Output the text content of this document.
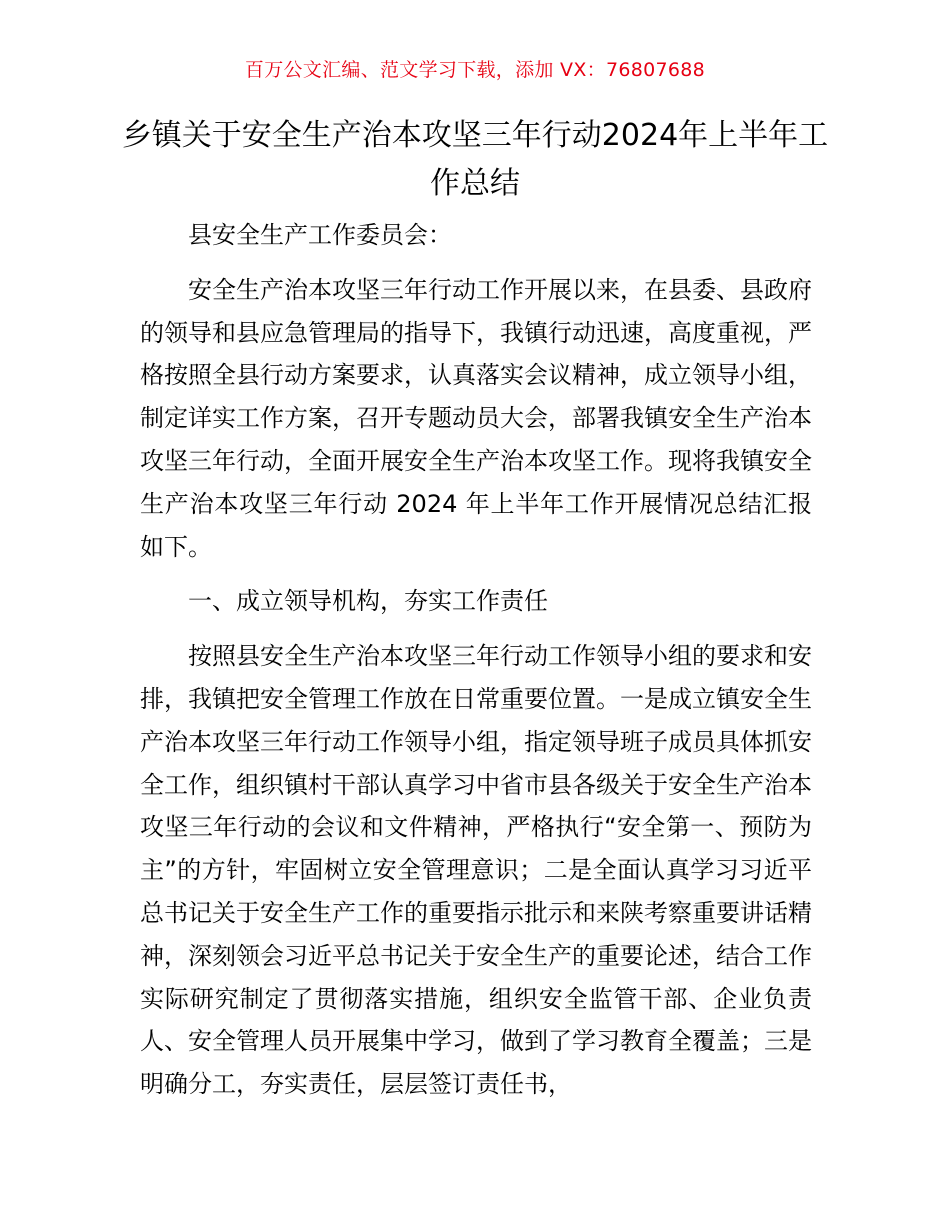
百万公文汇编、范文学习下载，添加 VX：76807688
乡镇关于安全生产治本攻坚三年行动2024年上半年工作总结

县安全生产工作委员会：

安全生产治本攻坚三年行动工作开展以来，在县委、县政府的领导和县应急管理局的指导下，我镇行动迅速，高度重视，严格按照全县行动方案要求，认真落实会议精神，成立领导小组，制定详实工作方案，召开专题动员大会，部署我镇安全生产治本攻坚三年行动，全面开展安全生产治本攻坚工作。现将我镇安全生产治本攻坚三年行动 2024 年上半年工作开展情况总结汇报如下。

一、成立领导机构，夯实工作责任

按照县安全生产治本攻坚三年行动工作领导小组的要求和安排，我镇把安全管理工作放在日常重要位置。一是成立镇安全生产治本攻坚三年行动工作领导小组，指定领导班子成员具体抓安全工作，组织镇村干部认真学习中省市县各级关于安全生产治本攻坚三年行动的会议和文件精神，严格执行“安全第一、预防为主”的方针，牢固树立安全管理意识；二是全面认真学习习近平总书记关于安全生产工作的重要指示批示和来陕考察重要讲话精神，深刻领会习近平总书记关于安全生产的重要论述，结合工作实际研究制定了贯彻落实措施，组织安全监管干部、企业负责人、安全管理人员开展集中学习，做到了学习教育全覆盖；三是明确分工，夯实责任，层层签订责任书，
